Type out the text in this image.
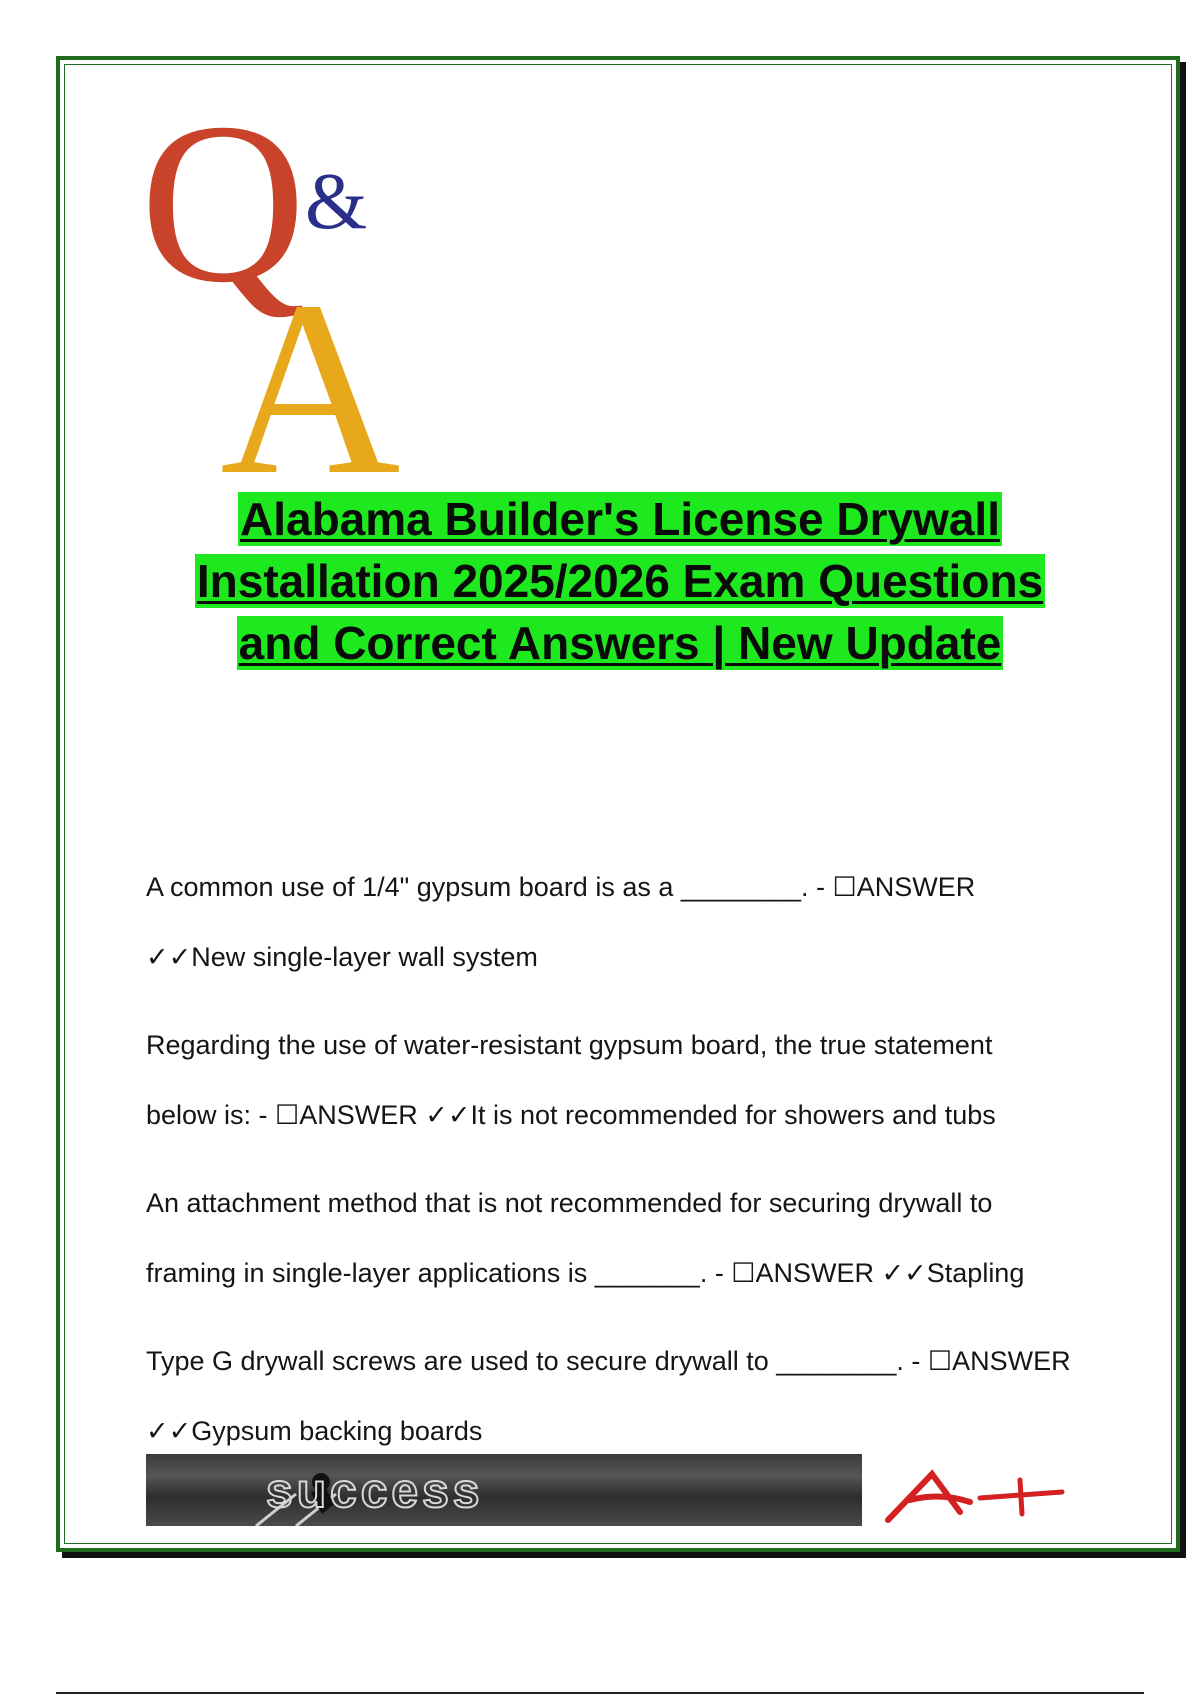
Q
&
A
Alabama Builder's License Drywall
Installation 2025/2026 Exam Questions
and Correct Answers | New Update
A common use of 1/4" gypsum board is as a ________. - ☐ANSWER
✓✓New single-layer wall system
Regarding the use of water-resistant gypsum board, the true statement
below is: - ☐ANSWER ✓✓It is not recommended for showers and tubs
An attachment method that is not recommended for securing drywall to
framing in single-layer applications is _______. - ☐ANSWER ✓✓Stapling
Type G drywall screws are used to secure drywall to ________. - ☐ANSWER
✓✓Gypsum backing boards
success
A+
